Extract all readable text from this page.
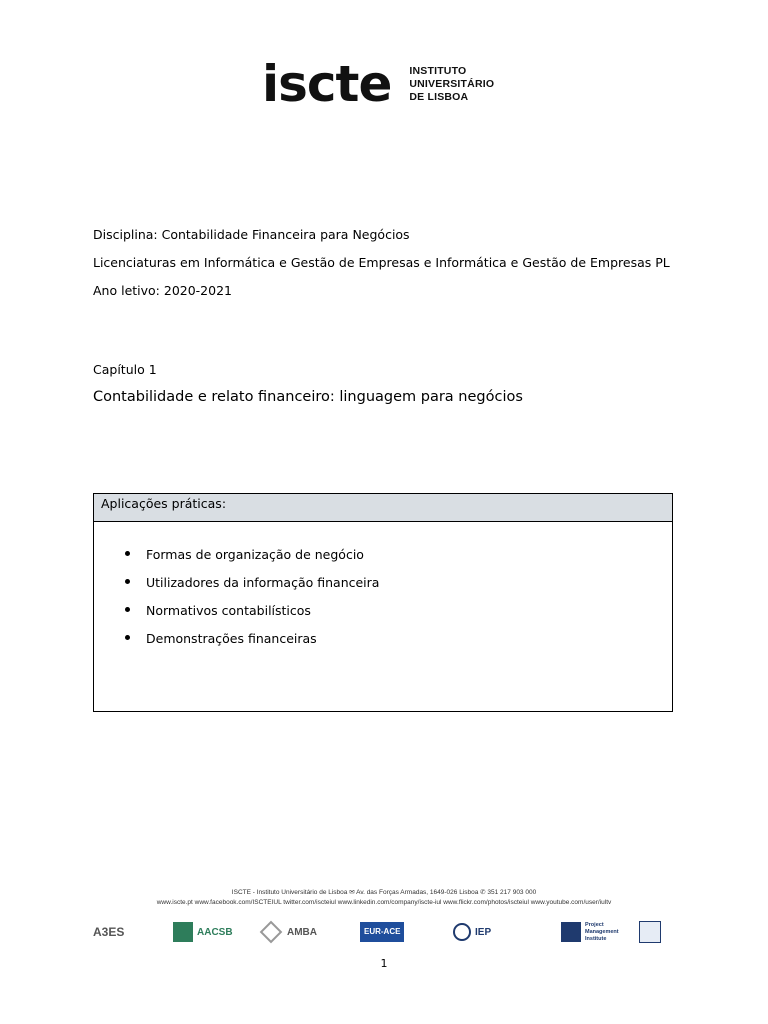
iscte INSTITUTO
UNIVERSITÁRIO
DE LISBOA
Disciplina: Contabilidade Financeira para Negócios
Licenciaturas em Informática e Gestão de Empresas e Informática e Gestão de Empresas PL
Ano letivo: 2020-2021
Capítulo 1
Contabilidade e relato financeiro: linguagem para negócios
Aplicações práticas:
Formas de organização de negócio
Utilizadores da informação financeira
Normativos contabilísticos
Demonstrações financeiras
ISCTE - Instituto Universitário de Lisboa ✉ Av. das Forças Armadas, 1649-026 Lisboa ✆ 351 217 903 000
www.iscte.pt www.facebook.com/ISCTEIUL twitter.com/iscteiul www.linkedin.com/company/iscte-iul www.flickr.com/photos/iscteiul www.youtube.com/user/iultv
A3ES	AACSB	AMBA	EUR-ACE	IEP
Project Management Institute
1
